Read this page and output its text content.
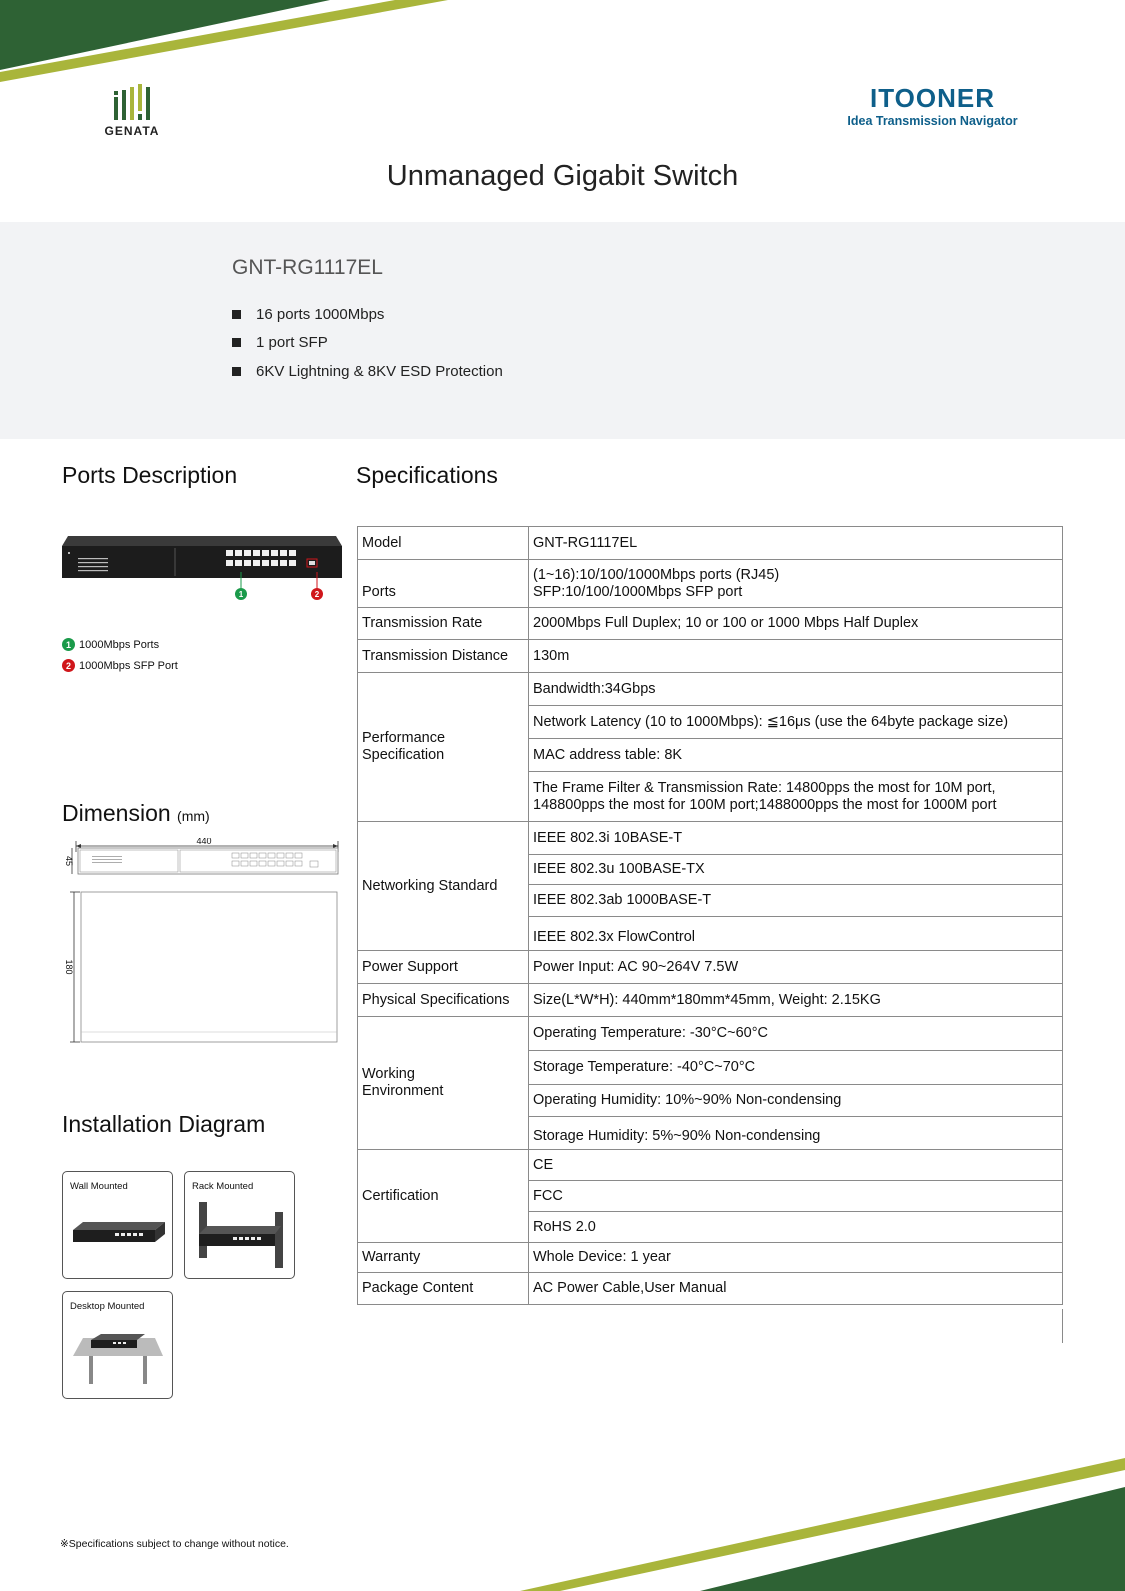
GENATA
ITOONER
Idea Transmission Navigator
Unmanaged Gigabit Switch
GNT-RG1117EL
16 ports 1000Mbps
1 port SFP
6KV Lightning & 8KV ESD Protection
Ports Description
1	2
1 1000Mbps Ports
2 1000Mbps SFP Port
Dimension (mm)
440
45
180
Installation Diagram
Wall Mounted	Rack Mounted
Desktop Mounted
Specifications
Model	GNT-RG1117EL
Ports	(1~16):10/100/1000Mbps ports (RJ45)
SFP:10/100/1000Mbps SFP port

Transmission Rate	2000Mbps Full Duplex; 10 or 100 or 1000 Mbps Half Duplex
Transmission Distance	130m

Performance
Specification	Bandwidth:34Gbps
	Network Latency (10 to 1000Mbps): ≦16μs (use the 64byte package size)
	MAC address table: 8K

	The Frame Filter & Transmission Rate: 14800pps the most for 10M port,
148800pps the most for 100M port;1488000pps the most for 1000M port

Networking Standard	IEEE 802.3i 10BASE-T
	IEEE 802.3u 100BASE-TX
	IEEE 802.3ab 1000BASE-T
	IEEE 802.3x FlowControl
Power Support	Power Input: AC 90~264V 7.5W
Physical Specifications	Size(L*W*H): 440mm*180mm*45mm, Weight: 2.15KG

Working
Environment	Operating Temperature: -30°C~60°C
	Storage Temperature: -40°C~70°C
	Operating Humidity: 10%~90% Non-condensing
	Storage Humidity: 5%~90% Non-condensing
Certification	CE
	FCC
	RoHS 2.0
Warranty	Whole Device: 1 year
Package Content	AC Power Cable,User Manual
※Specifications subject to change without notice.
